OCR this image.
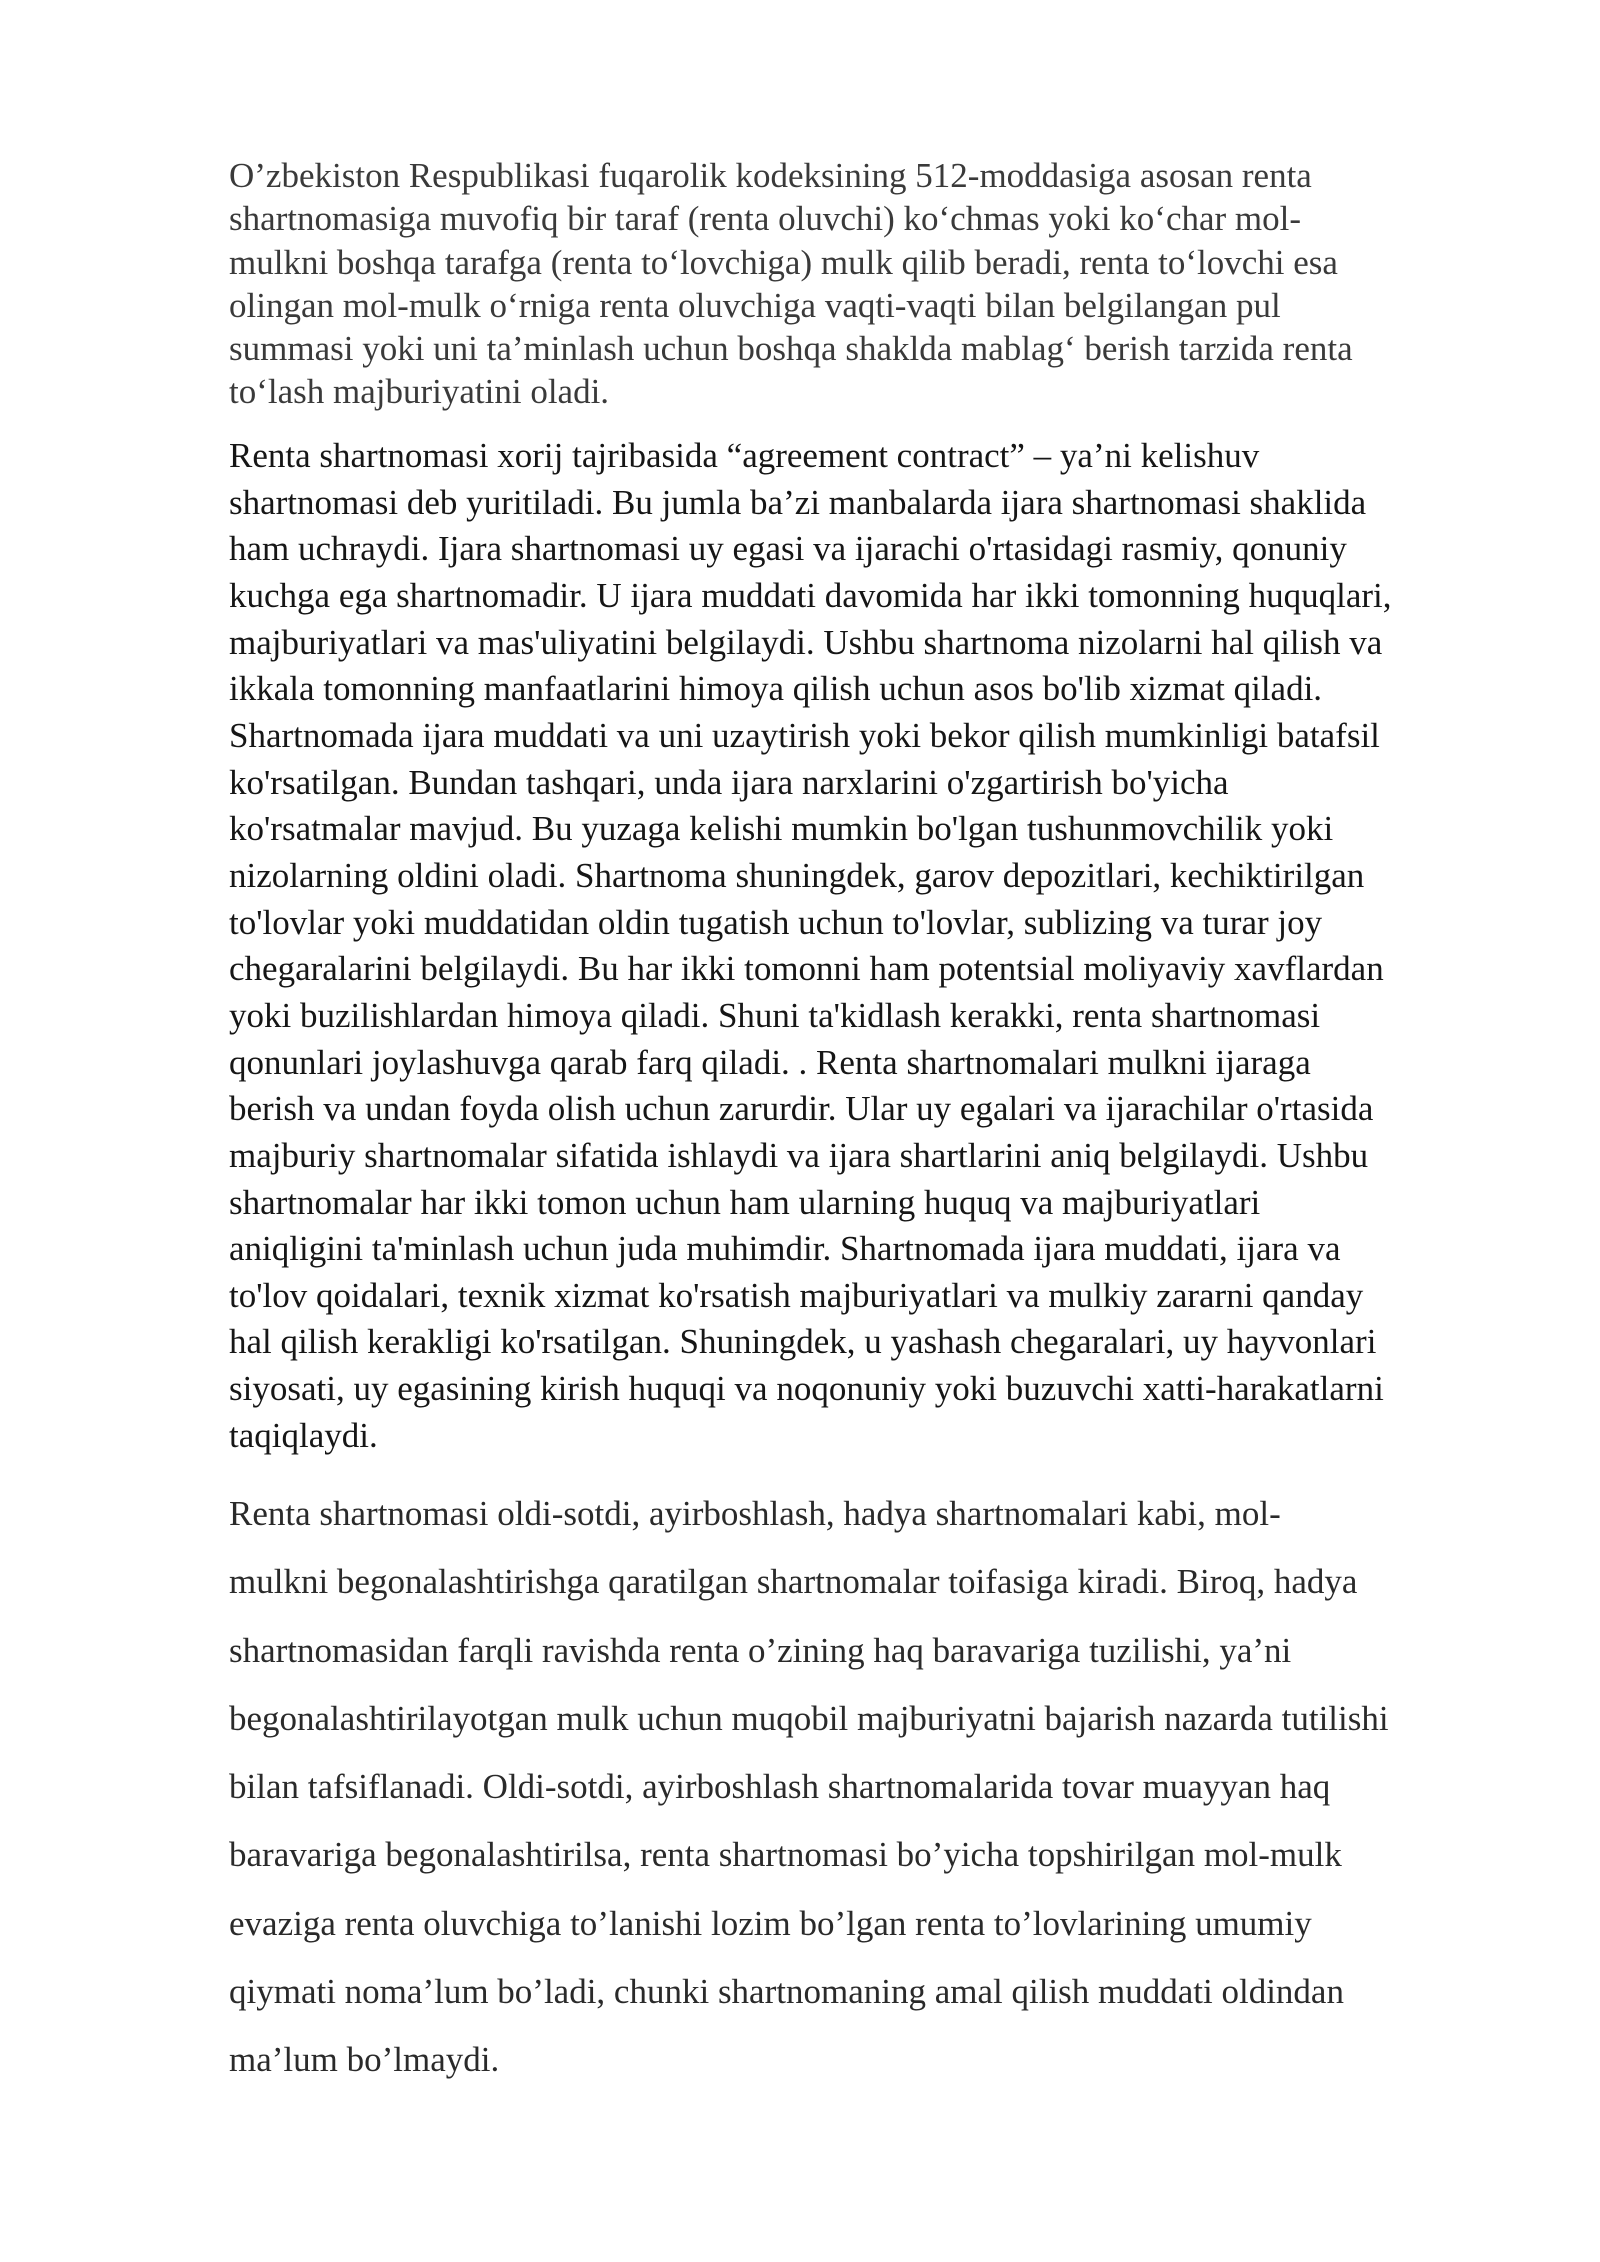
O’zbekiston Respublikasi fuqarolik kodeksining 512-moddasiga asosan renta
shartnomasiga muvofiq bir taraf (renta oluvchi) ko‘chmas yoki ko‘char mol-
mulkni boshqa tarafga (renta to‘lovchiga) mulk qilib beradi, renta to‘lovchi esa
olingan mol-mulk o‘rniga renta oluvchiga vaqti-vaqti bilan belgilangan pul
summasi yoki uni ta’minlash uchun boshqa shaklda mablag‘ berish tarzida renta
to‘lash majburiyatini oladi.

Renta shartnomasi xorij tajribasida “agreement contract” – ya’ni kelishuv
shartnomasi deb yuritiladi. Bu jumla ba’zi manbalarda ijara shartnomasi shaklida
ham uchraydi. Ijara shartnomasi uy egasi va ijarachi o'rtasidagi rasmiy, qonuniy
kuchga ega shartnomadir. U ijara muddati davomida har ikki tomonning huquqlari,
majburiyatlari va mas'uliyatini belgilaydi. Ushbu shartnoma nizolarni hal qilish va
ikkala tomonning manfaatlarini himoya qilish uchun asos bo'lib xizmat qiladi.
Shartnomada ijara muddati va uni uzaytirish yoki bekor qilish mumkinligi batafsil
ko'rsatilgan. Bundan tashqari, unda ijara narxlarini o'zgartirish bo'yicha
ko'rsatmalar mavjud. Bu yuzaga kelishi mumkin bo'lgan tushunmovchilik yoki
nizolarning oldini oladi. Shartnoma shuningdek, garov depozitlari, kechiktirilgan
to'lovlar yoki muddatidan oldin tugatish uchun to'lovlar, sublizing va turar joy
chegaralarini belgilaydi. Bu har ikki tomonni ham potentsial moliyaviy xavflardan
yoki buzilishlardan himoya qiladi. Shuni ta'kidlash kerakki, renta shartnomasi
qonunlari joylashuvga qarab farq qiladi. . Renta shartnomalari mulkni ijaraga
berish va undan foyda olish uchun zarurdir. Ular uy egalari va ijarachilar o'rtasida
majburiy shartnomalar sifatida ishlaydi va ijara shartlarini aniq belgilaydi. Ushbu
shartnomalar har ikki tomon uchun ham ularning huquq va majburiyatlari
aniqligini ta'minlash uchun juda muhimdir. Shartnomada ijara muddati, ijara va
to'lov qoidalari, texnik xizmat ko'rsatish majburiyatlari va mulkiy zararni qanday
hal qilish kerakligi ko'rsatilgan. Shuningdek, u yashash chegaralari, uy hayvonlari
siyosati, uy egasining kirish huquqi va noqonuniy yoki buzuvchi xatti-harakatlarni
taqiqlaydi.

Renta shartnomasi oldi-sotdi, ayirboshlash, hadya shartnomalari kabi, mol-
mulkni begonalashtirishga qaratilgan shartnomalar toifasiga kiradi. Biroq, hadya
shartnomasidan farqli ravishda renta o’zining haq baravariga tuzilishi, ya’ni
begonalashtirilayotgan mulk uchun muqobil majburiyatni bajarish nazarda tutilishi
bilan tafsiflanadi. Oldi-sotdi, ayirboshlash shartnomalarida tovar muayyan haq
baravariga begonalashtirilsa, renta shartnomasi bo’yicha topshirilgan mol-mulk
evaziga renta oluvchiga to’lanishi lozim bo’lgan renta to’lovlarining umumiy
qiymati noma’lum bo’ladi, chunki shartnomaning amal qilish muddati oldindan
ma’lum bo’lmaydi.
